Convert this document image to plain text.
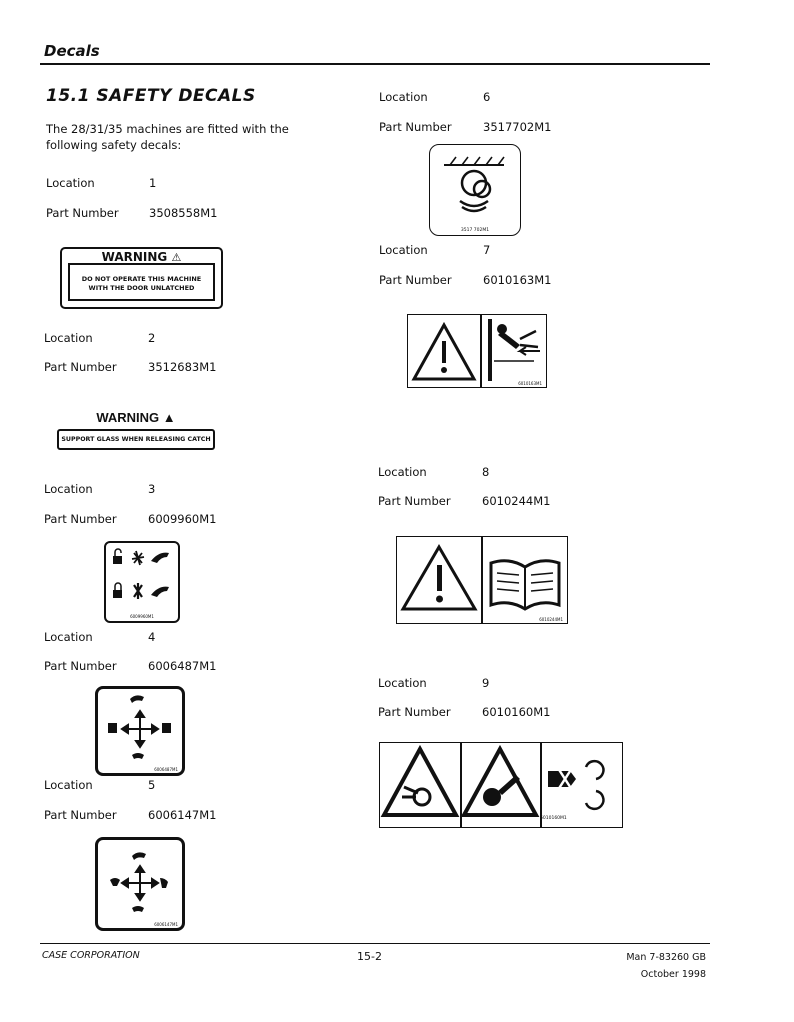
Decals
15.1 SAFETY DECALS
The 28/31/35 machines are fitted with the following safety decals:
Location	1
Part Number	3508558M1
WARNING ⚠
DO NOT OPERATE THIS MACHINE
WITH THE DOOR UNLATCHED
Location	2
Part Number	3512683M1
WARNING ▲
SUPPORT GLASS WHEN RELEASING CATCH
Location	3
Part Number	6009960M1
6009960M1
Location	4
Part Number	6006487M1
6006487M1
Location	5
Part Number	6006147M1
6006147M1
Location	6
Part Number	3517702M1
3517 702M1
Location	7
Part Number	6010163M1
6010163M1
Location	8
Part Number	6010244M1
6010244M1
Location	9
Part Number	6010160M1
6010160M1
CASE CORPORATION	15-2	Man 7-83260 GB
October 1998
